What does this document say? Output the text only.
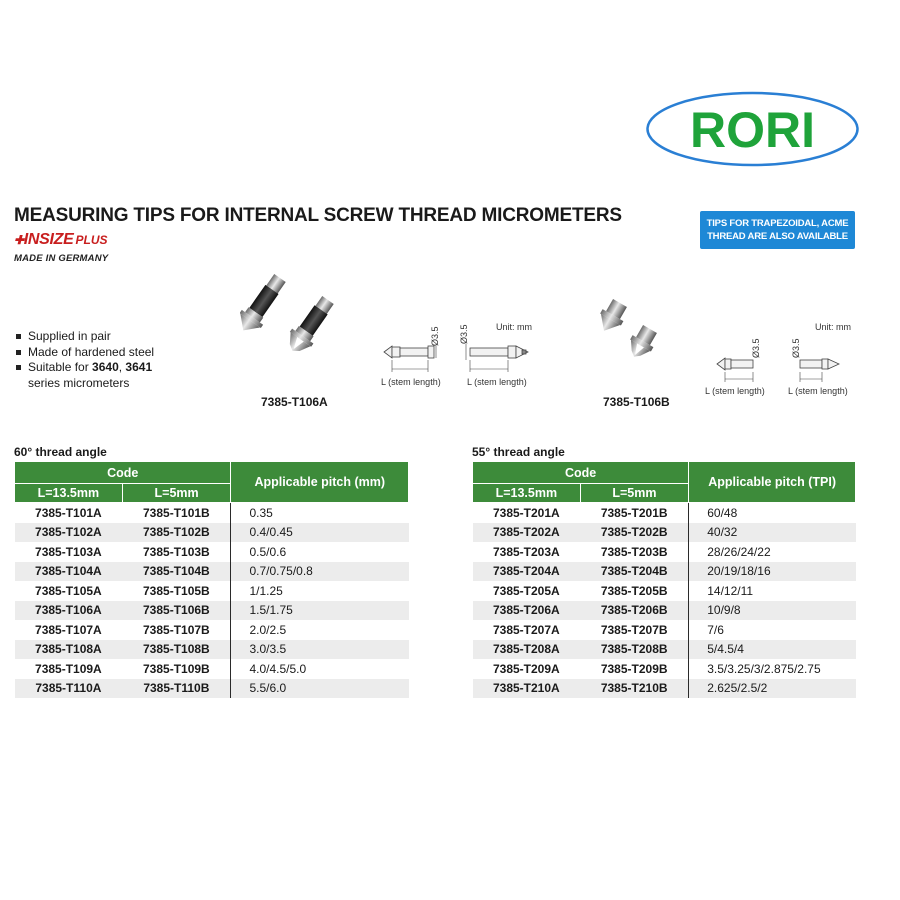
RORI
MEASURING TIPS FOR INTERNAL SCREW THREAD MICROMETERS
✚INSIZE PLUS
MADE IN GERMANY
TIPS FOR TRAPEZOIDAL, ACME
THREAD ARE ALSO AVAILABLE
Supplied in pair
Made of hardened steel
Suitable for 3640, 3641
series micrometers
7385-T106A
Ø3.5 Ø3.5	Unit: mm
L (stem length)	L (stem length)
7385-T106B
Ø3.5	Ø3.5
Unit: mm
L (stem length)	L (stem length)
60° thread angle	55° thread angle
Code		Applicable pitch (mm)
L=13.5mm	L=5mm	
7385-T101A	7385-T101B	0.35
7385-T102A	7385-T102B	0.4/0.45
7385-T103A	7385-T103B	0.5/0.6
7385-T104A	7385-T104B	0.7/0.75/0.8
7385-T105A	7385-T105B	1/1.25
7385-T106A	7385-T106B	1.5/1.75
7385-T107A	7385-T107B	2.0/2.5
7385-T108A	7385-T108B	3.0/3.5
7385-T109A	7385-T109B	4.0/4.5/5.0
7385-T110A	7385-T110B	5.5/6.0
Code		Applicable pitch (TPI)
L=13.5mm	L=5mm	
7385-T201A	7385-T201B	60/48
7385-T202A	7385-T202B	40/32
7385-T203A	7385-T203B	28/26/24/22
7385-T204A	7385-T204B	20/19/18/16
7385-T205A	7385-T205B	14/12/11
7385-T206A	7385-T206B	10/9/8
7385-T207A	7385-T207B	7/6
7385-T208A	7385-T208B	5/4.5/4
7385-T209A	7385-T209B	3.5/3.25/3/2.875/2.75
7385-T210A	7385-T210B	2.625/2.5/2
